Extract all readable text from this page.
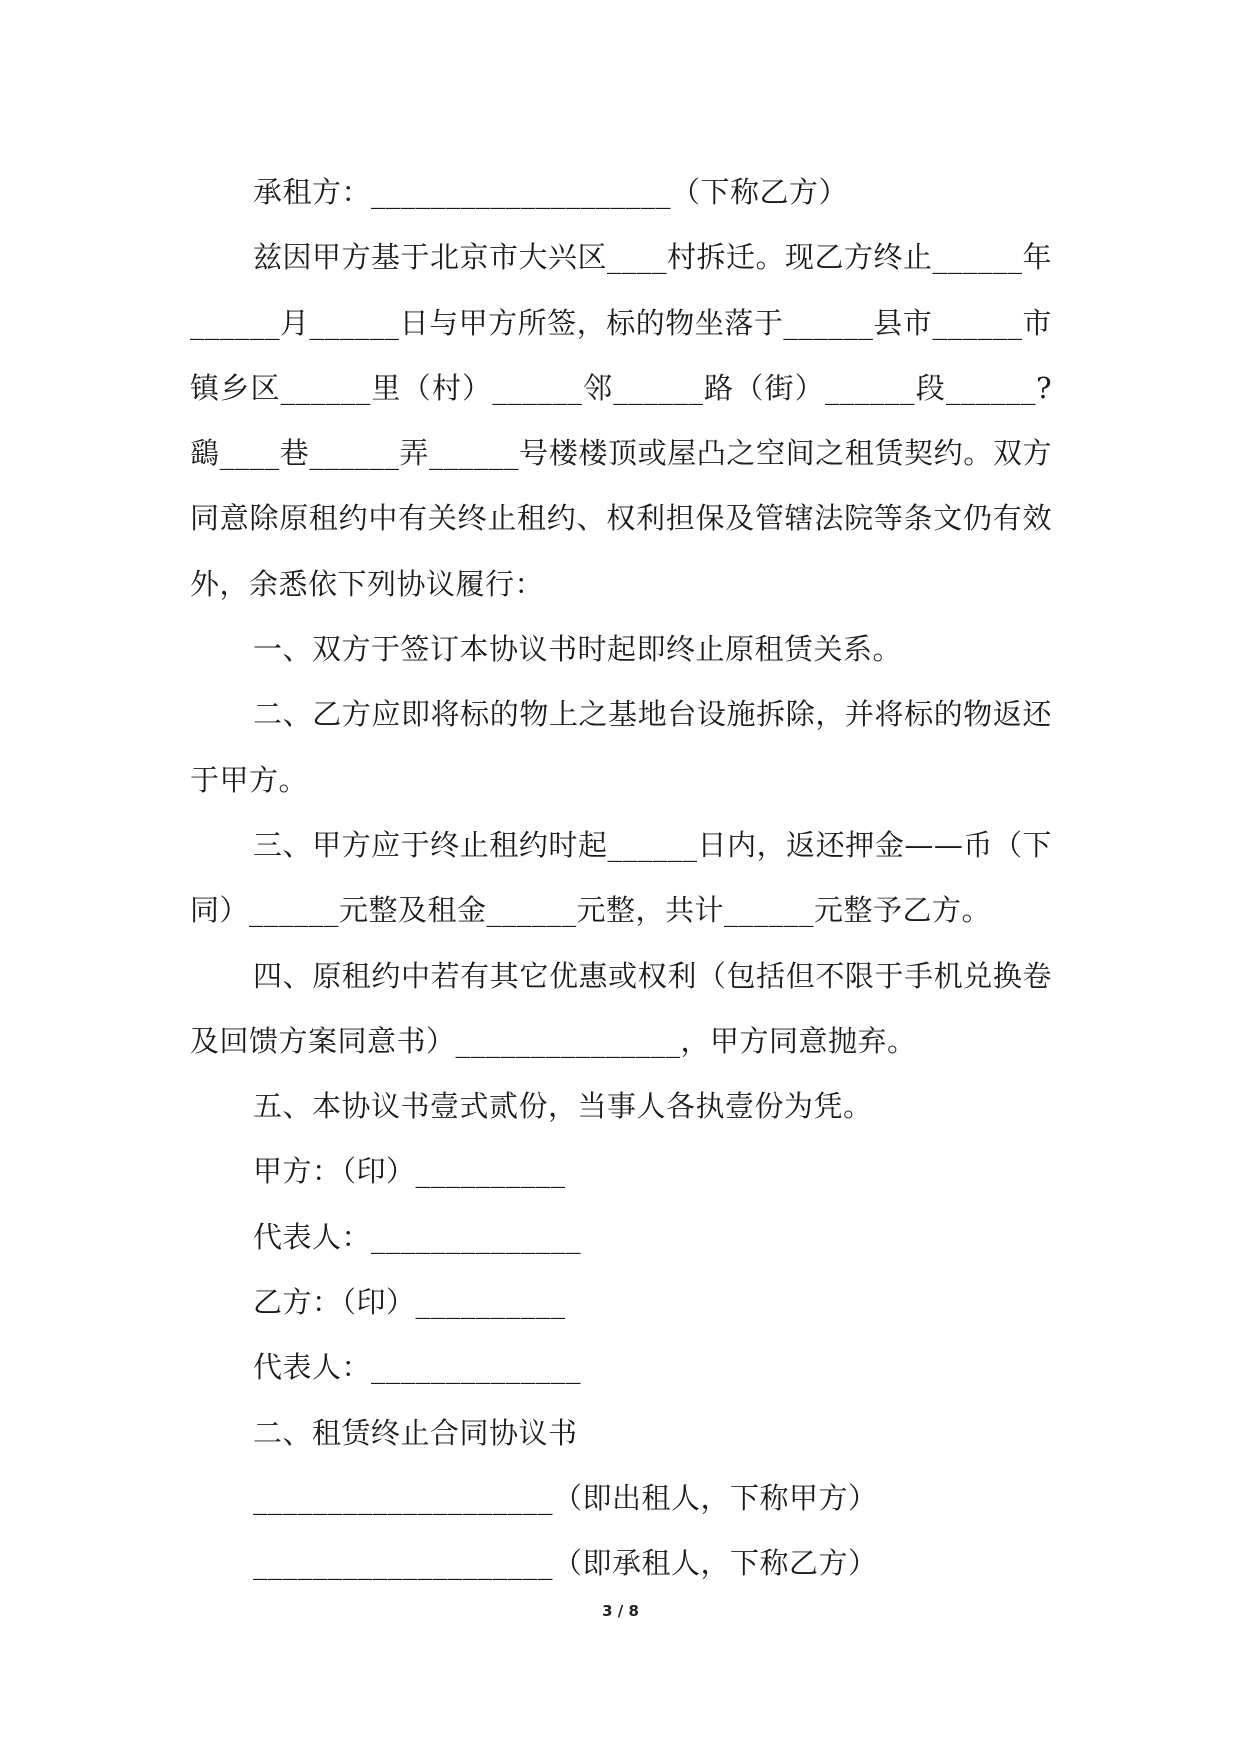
承租方：____________________（下称乙方）

兹因甲方基于北京市大兴区____村拆迁。现乙方终止______年______月______日与甲方所签，标的物坐落于______县市______市镇乡区______里（村）______邻______路（街）______段______?鷂____巷______弄______号楼楼顶或屋凸之空间之租赁契约。双方同意除原租约中有关终止租约、权利担保及管辖法院等条文仍有效外，余悉依下列协议履行：

一、双方于签订本协议书时起即终止原租赁关系。

二、乙方应即将标的物上之基地台设施拆除，并将标的物返还于甲方。

三、甲方应于终止租约时起______日内，返还押金——币（下同）______元整及租金______元整，共计______元整予乙方。

四、原租约中若有其它优惠或权利（包括但不限于手机兑换卷及回馈方案同意书）_______________，甲方同意抛弃。

五、本协议书壹式贰份，当事人各执壹份为凭。

甲方：（印）__________

代表人：______________

乙方：（印）__________

代表人：______________

二、租赁终止合同协议书

____________________（即出租人，下称甲方）

____________________（即承租人，下称乙方）

3 / 8
